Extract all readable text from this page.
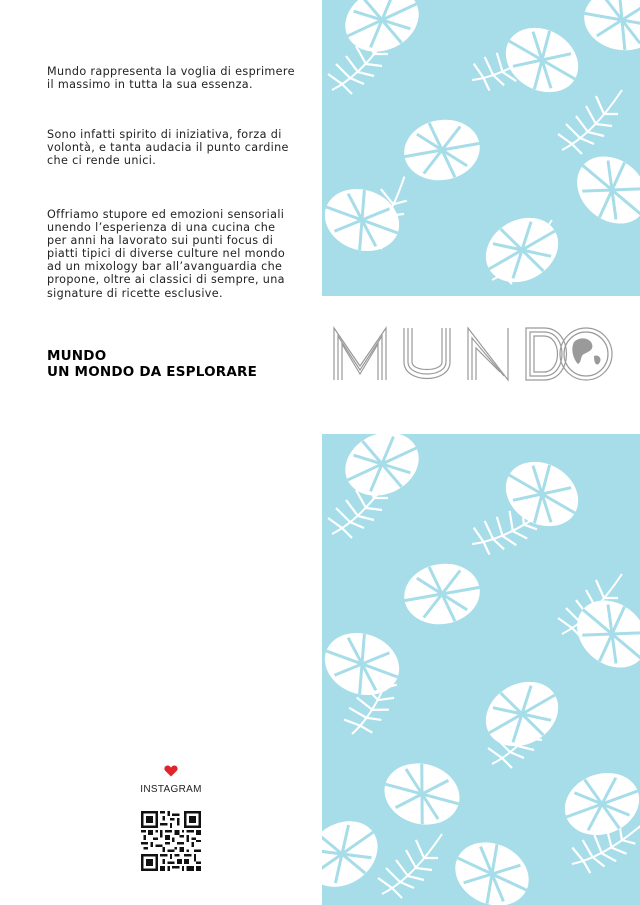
Mundo rappresenta la voglia di esprimere
il massimo in tutta la sua essenza.

Sono infatti spirito di iniziativa, forza di
volontà, e tanta audacia il punto cardine
che ci rende unici.

Offriamo stupore ed emozioni sensoriali
unendo l’esperienza di una cucina che
per anni ha lavorato sui punti focus di
piatti tipici di diverse culture nel mondo
ad un mixology bar all’avanguardia che
propone, oltre ai classici di sempre, una
signature di ricette esclusive.

MUNDO
UN MONDO DA ESPLORARE
INSTAGRAM
